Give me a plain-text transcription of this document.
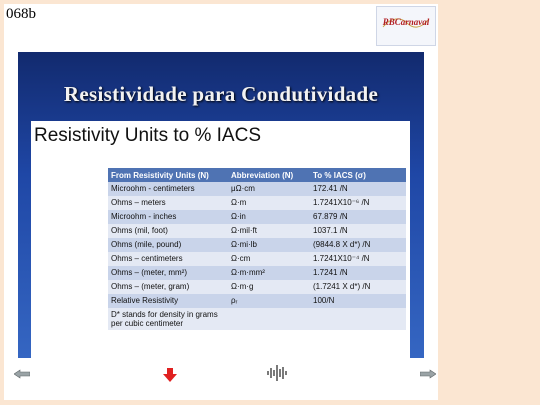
068b	RBCarnaval
Resistividade para Condutividade
Resistivity Units to % IACS
From Resistivity Units (N)	Abbreviation (N)	To % IACS (σ)
Microohm - centimeters	μΩ·cm	172.41 /N
Ohms – meters	Ω·m	1.7241X10⁻⁶ /N
Microohm - inches	Ω·in	67.879 /N
Ohms (mil, foot)	Ω·mil·ft	1037.1 /N
Ohms (mile, pound)	Ω·mi·lb	(9844.8 X d*) /N
Ohms – centimeters	Ω·cm	1.7241X10⁻⁴ /N
Ohms – (meter, mm²)	Ω·m·mm²	1.7241 /N
Ohms – (meter, gram)	Ω·m·g	(1.7241 X d*) /N
Relative Resistivity	ρᵣ	100/N
D* stands for density in grams per cubic centimeter		
71
